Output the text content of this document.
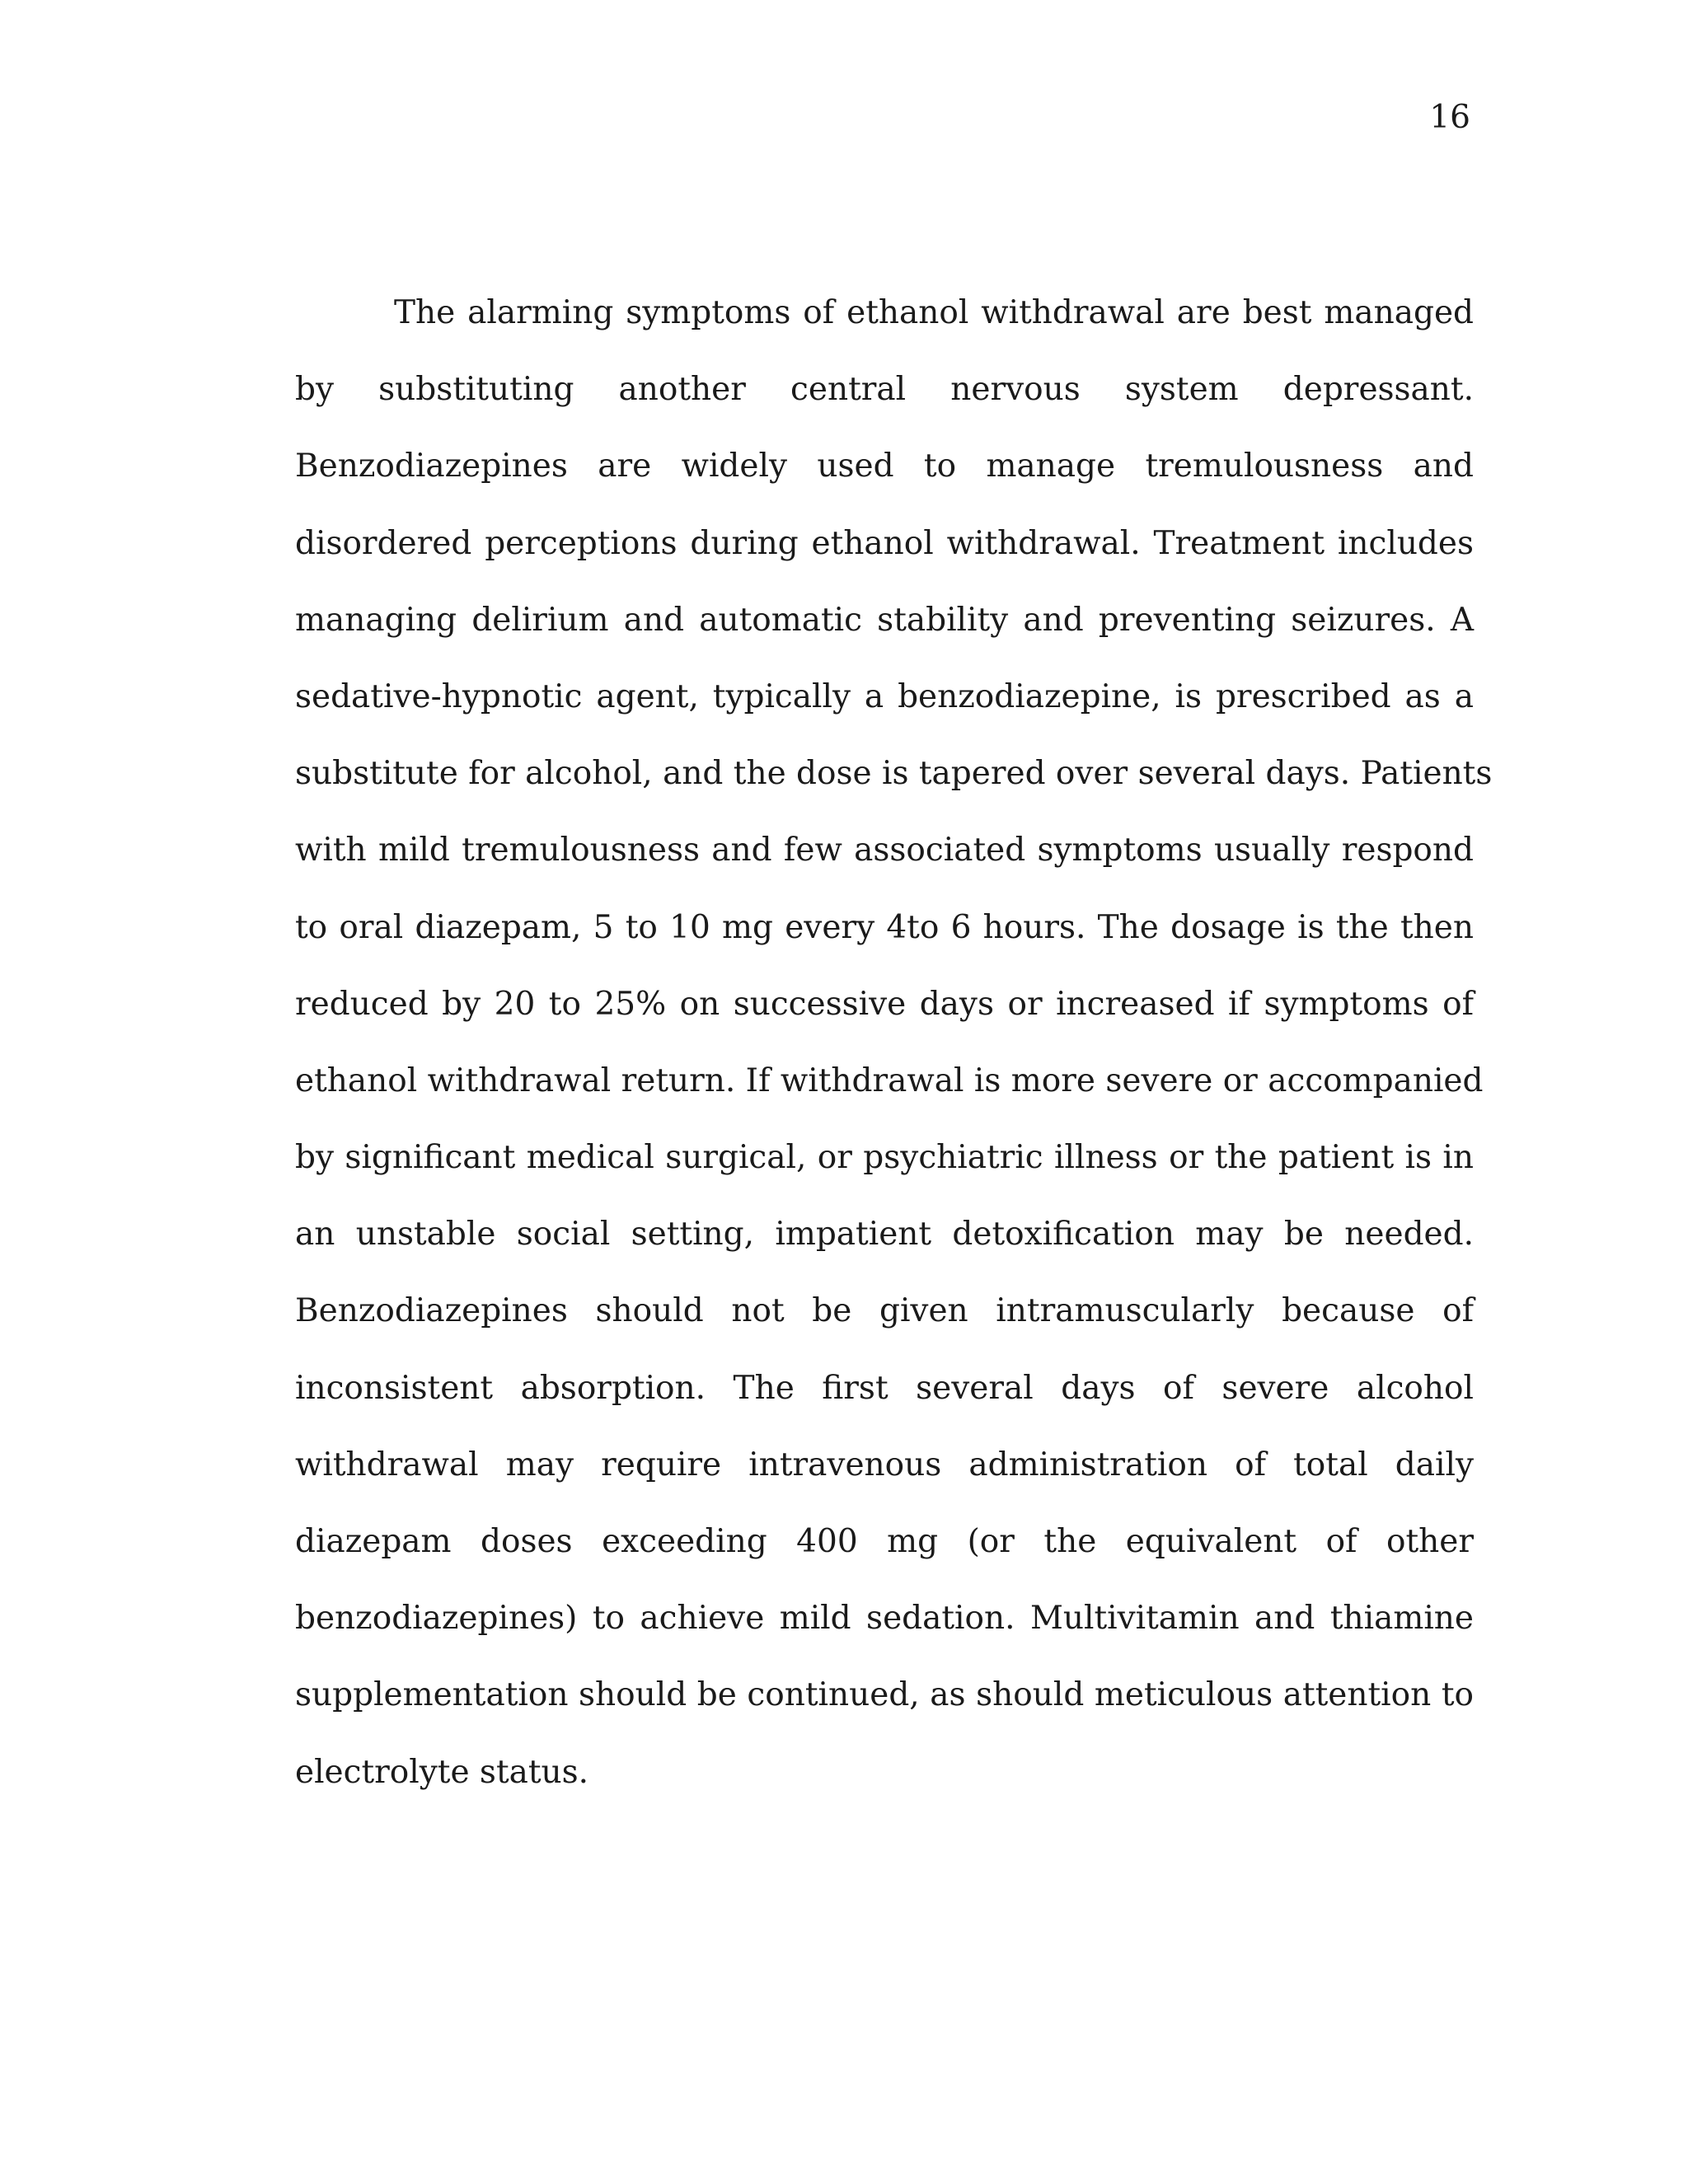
16
The alarming symptoms of ethanol withdrawal are best managed
by substituting another central nervous system depressant.
Benzodiazepines are widely used to manage tremulousness and
disordered perceptions during ethanol withdrawal. Treatment includes
managing delirium and automatic stability and preventing seizures. A
sedative-hypnotic agent, typically a benzodiazepine, is prescribed as a
substitute for alcohol, and the dose is tapered over several days. Patients
with mild tremulousness and few associated symptoms usually respond
to oral diazepam, 5 to 10 mg every 4to 6 hours. The dosage is the then
reduced by 20 to 25% on successive days or increased if symptoms of
ethanol withdrawal return. If withdrawal is more severe or accompanied
by significant medical surgical, or psychiatric illness or the patient is in
an unstable social setting, impatient detoxification may be needed.
Benzodiazepines should not be given intramuscularly because of
inconsistent absorption. The first several days of severe alcohol
withdrawal may require intravenous administration of total daily
diazepam doses exceeding 400 mg (or the equivalent of other
benzodiazepines) to achieve mild sedation. Multivitamin and thiamine
supplementation should be continued, as should meticulous attention to
electrolyte status.
